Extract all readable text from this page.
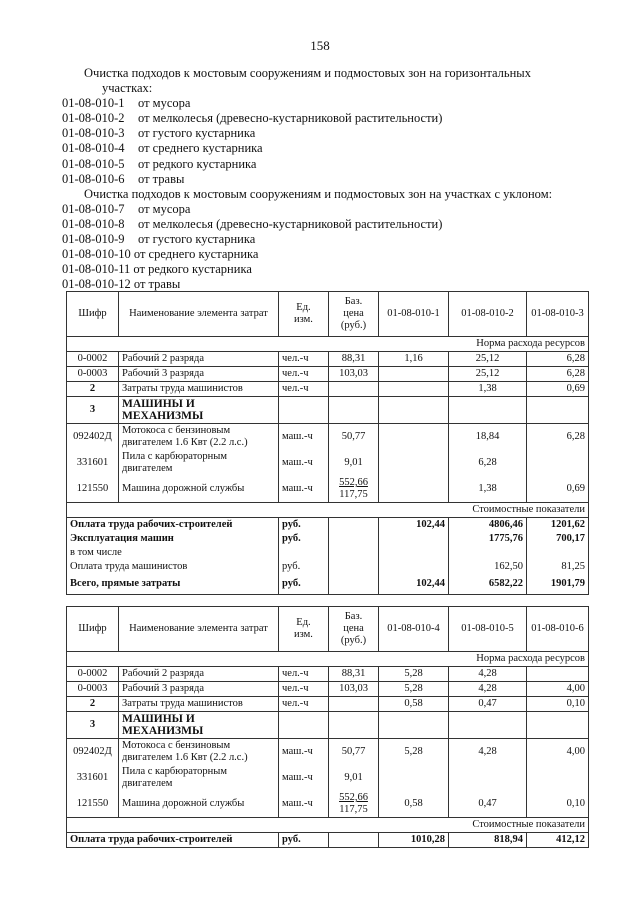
158
Очистка подходов к мостовым сооружениям и подмостовых зон на горизонтальных
участках:
01-08-010-1 от мусора
01-08-010-2 от мелколесья (древесно-кустарниковой растительности)
01-08-010-3 от густого кустарника
01-08-010-4 от среднего кустарника
01-08-010-5 от редкого кустарника
01-08-010-6 от травы
Очистка подходов к мостовым сооружениям и подмостовых зон на участках с уклоном:
01-08-010-7 от мусора
01-08-010-8 от мелколесья (древесно-кустарниковой растительности)
01-08-010-9 от густого кустарника
01-08-010-10 от среднего кустарника
01-08-010-11 от редкого кустарника
01-08-010-12 от травы
Шифр	Наименование элемента затрат	Ед.
изм.	Баз.
цена
(руб.)	01-08-010-1	01-08-010-2	01-08-010-3
Норма расхода ресурсов						
0-0002	Рабочий 2 разряда	чел.-ч	88,31	1,16	25,12	6,28
0-0003	Рабочий 3 разряда	чел.-ч	103,03		25,12	6,28
2	Затраты труда машинистов	чел.-ч			1,38	0,69
3	МАШИНЫ И МЕХАНИЗМЫ					
092402Д	Мотокоса с бензиновым
двигателем 1.6 Квт (2.2 л.с.)	маш.-ч	50,77		18,84	6,28
331601	Пила с карбюраторным
двигателем	маш.-ч	9,01		6,28	
121550	Машина дорожной службы	маш.-ч	552,66
117,75		1,38	0,69
Стоимостные показатели						
Оплата труда рабочих-строителей		руб.		102,44	4806,46	1201,62
Эксплуатация машин		руб.			1775,76	700,17
в том числе						
Оплата труда машинистов		руб.			162,50	81,25
Всего, прямые затраты		руб.		102,44	6582,22	1901,79
Шифр	Наименование элемента затрат	Ед.
изм.	Баз.
цена
(руб.)	01-08-010-4	01-08-010-5	01-08-010-6
Норма расхода ресурсов						
0-0002	Рабочий 2 разряда	чел.-ч	88,31	5,28	4,28	
0-0003	Рабочий 3 разряда	чел.-ч	103,03	5,28	4,28	4,00
2	Затраты труда машинистов	чел.-ч		0,58	0,47	0,10
3	МАШИНЫ И МЕХАНИЗМЫ					
092402Д	Мотокоса с бензиновым
двигателем 1.6 Квт (2.2 л.с.)	маш.-ч	50,77	5,28	4,28	4,00
331601	Пила с карбюраторным
двигателем	маш.-ч	9,01			
121550	Машина дорожной службы	маш.-ч	552,66
117,75	0,58	0,47	0,10
Стоимостные показатели						
Оплата труда рабочих-строителей		руб.		1010,28	818,94	412,12
